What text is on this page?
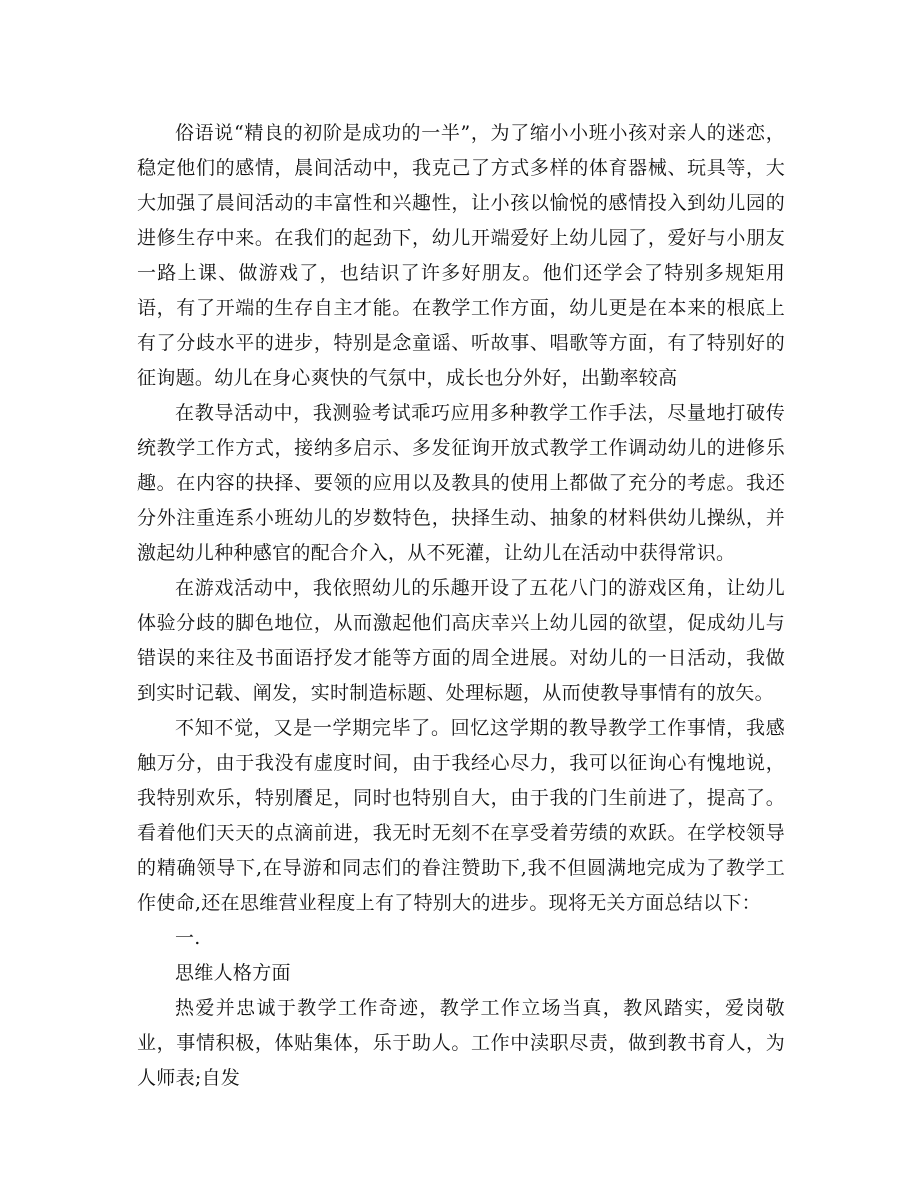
俗语说“精良的初阶是成功的一半”，为了缩小小班小孩对亲人的迷恋，稳定他们的感情，晨间活动中，我克己了方式多样的体育器械、玩具等，大大加强了晨间活动的丰富性和兴趣性，让小孩以愉悦的感情投入到幼儿园的进修生存中来。在我们的起劲下，幼儿开端爱好上幼儿园了，爱好与小朋友一路上课、做游戏了，也结识了许多好朋友。他们还学会了特别多规矩用语，有了开端的生存自主才能。在教学工作方面，幼儿更是在本来的根底上有了分歧水平的进步，特别是念童谣、听故事、唱歌等方面，有了特别好的征询题。幼儿在身心爽快的气氛中，成长也分外好，出勤率较高

在教导活动中，我测验考试乖巧应用多种教学工作手法，尽量地打破传统教学工作方式，接纳多启示、多发征询开放式教学工作调动幼儿的进修乐趣。在内容的抉择、要领的应用以及教具的使用上都做了充分的考虑。我还分外注重连系小班幼儿的岁数特色，抉择生动、抽象的材料供幼儿操纵，并激起幼儿种种感官的配合介入，从不死灌，让幼儿在活动中获得常识。

在游戏活动中，我依照幼儿的乐趣开设了五花八门的游戏区角，让幼儿体验分歧的脚色地位，从而激起他们高庆幸兴上幼儿园的欲望，促成幼儿与错误的来往及书面语抒发才能等方面的周全进展。对幼儿的一日活动，我做到实时记载、阐发，实时制造标题、处理标题，从而使教导事情有的放矢。

不知不觉，又是一学期完毕了。回忆这学期的教导教学工作事情，我感触万分，由于我没有虚度时间，由于我经心尽力，我可以征询心有愧地说，我特别欢乐，特别餍足，同时也特别自大，由于我的门生前进了，提高了。看着他们天天的点滴前进，我无时无刻不在享受着劳绩的欢跃。在学校领导的精确领导下,在导游和同志们的眷注赞助下,我不但圆满地完成为了教学工作使命,还在思维营业程度上有了特别大的进步。现将无关方面总结以下：

一.

思维人格方面

热爱并忠诚于教学工作奇迹，教学工作立场当真，教风踏实，爱岗敬业，事情积极，体贴集体，乐于助人。工作中渎职尽责，做到教书育人，为人师表;自发
